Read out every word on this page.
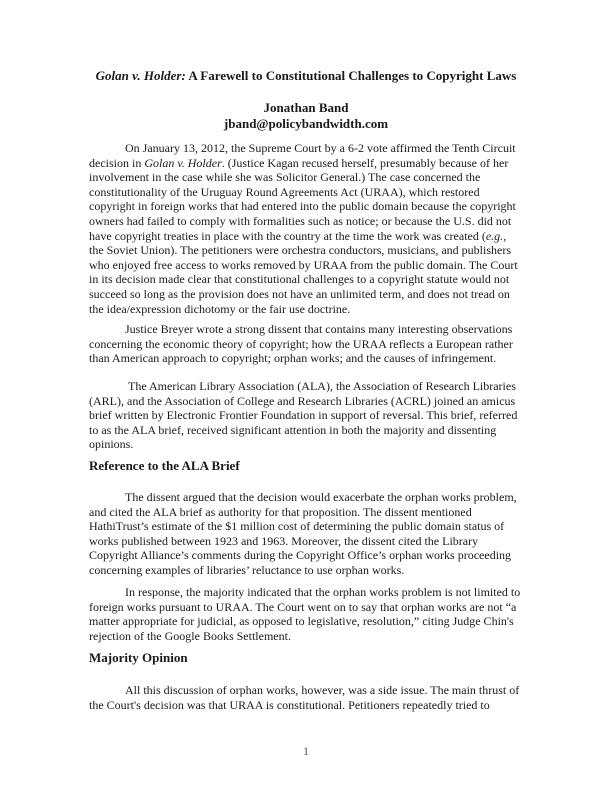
Golan v. Holder: A Farewell to Constitutional Challenges to Copyright Laws
Jonathan Band
jband@policybandwidth.com
On January 13, 2012, the Supreme Court by a 6-2 vote affirmed the Tenth Circuit
decision in Golan v. Holder. (Justice Kagan recused herself, presumably because of her
involvement in the case while she was Solicitor General.) The case concerned the
constitutionality of the Uruguay Round Agreements Act (URAA), which restored
copyright in foreign works that had entered into the public domain because the copyright
owners had failed to comply with formalities such as notice; or because the U.S. did not
have copyright treaties in place with the country at the time the work was created (e.g.,
the Soviet Union). The petitioners were orchestra conductors, musicians, and publishers
who enjoyed free access to works removed by URAA from the public domain. The Court
in its decision made clear that constitutional challenges to a copyright statute would not
succeed so long as the provision does not have an unlimited term, and does not tread on
the idea/expression dichotomy or the fair use doctrine.
Justice Breyer wrote a strong dissent that contains many interesting observations
concerning the economic theory of copyright; how the URAA reflects a European rather
than American approach to copyright; orphan works; and the causes of infringement.
The American Library Association (ALA), the Association of Research Libraries
(ARL), and the Association of College and Research Libraries (ACRL) joined an amicus
brief written by Electronic Frontier Foundation in support of reversal. This brief, referred
to as the ALA brief, received significant attention in both the majority and dissenting
opinions.
Reference to the ALA Brief
The dissent argued that the decision would exacerbate the orphan works problem,
and cited the ALA brief as authority for that proposition. The dissent mentioned
HathiTrust’s estimate of the $1 million cost of determining the public domain status of
works published between 1923 and 1963. Moreover, the dissent cited the Library
Copyright Alliance’s comments during the Copyright Office’s orphan works proceeding
concerning examples of libraries’ reluctance to use orphan works.
In response, the majority indicated that the orphan works problem is not limited to
foreign works pursuant to URAA. The Court went on to say that orphan works are not “a
matter appropriate for judicial, as opposed to legislative, resolution,” citing Judge Chin's
rejection of the Google Books Settlement.
Majority Opinion
All this discussion of orphan works, however, was a side issue. The main thrust of
the Court's decision was that URAA is constitutional. Petitioners repeatedly tried to
1
